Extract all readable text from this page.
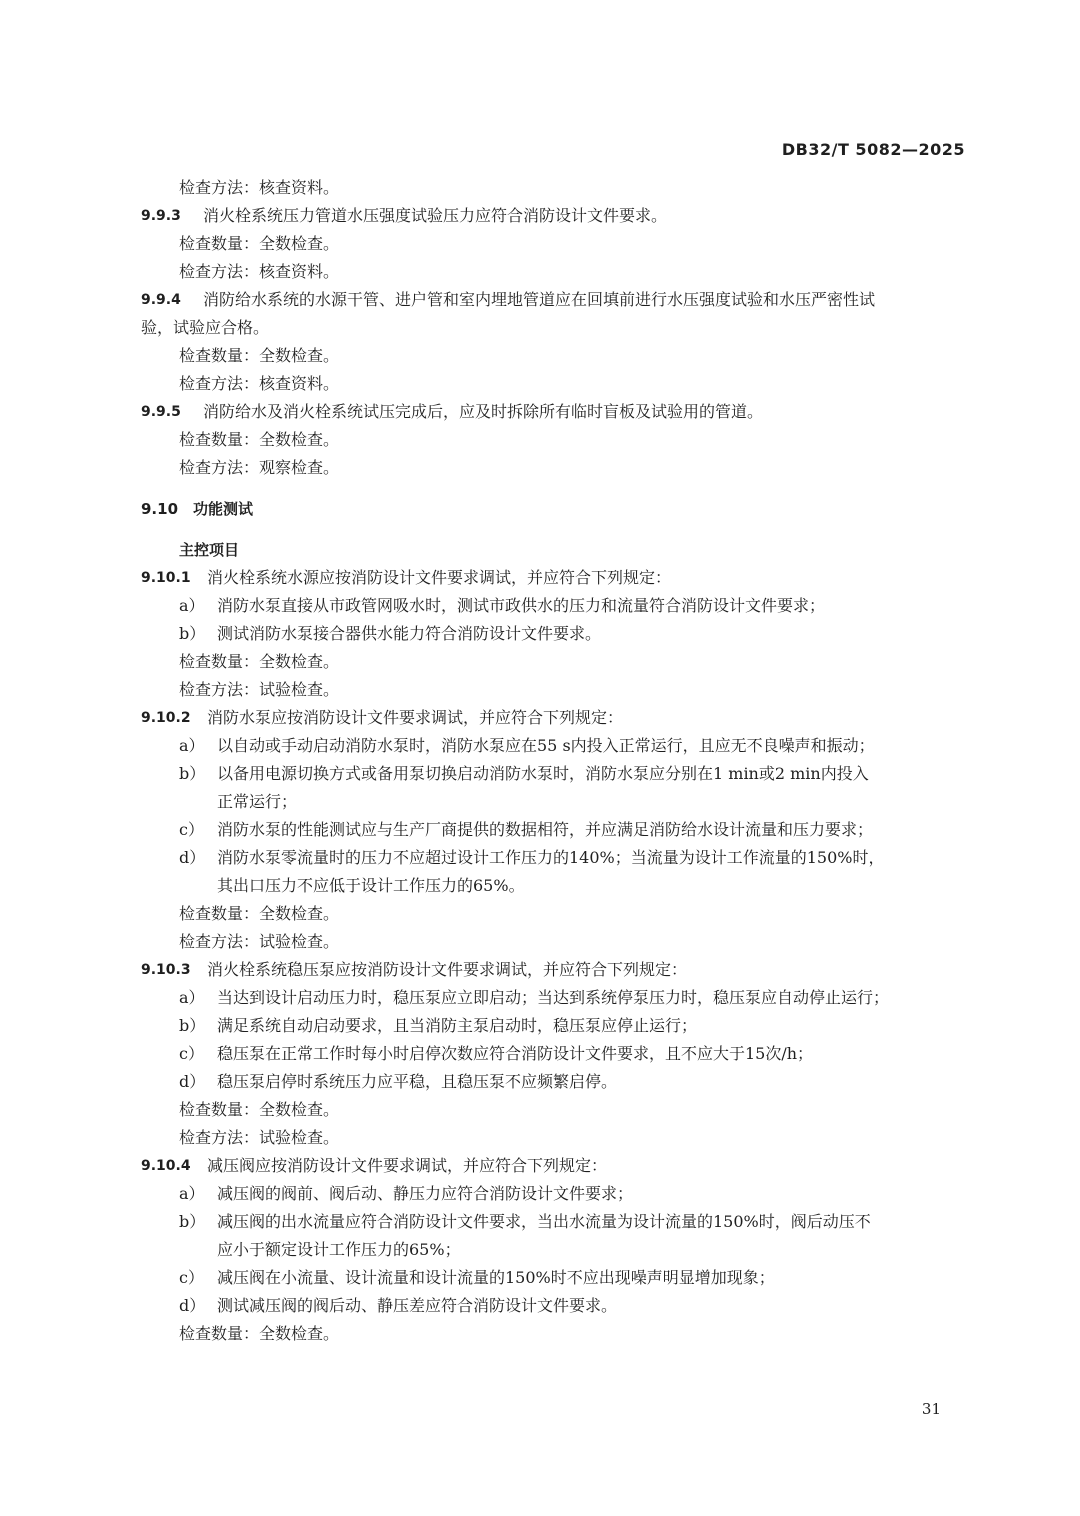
DB32/T 5082—2025
检查方法：核查资料。
9.9.3	消火栓系统压力管道水压强度试验压力应符合消防设计文件要求。
检查数量：全数检查。
检查方法：核查资料。
9.9.4	消防给水系统的水源干管、进户管和室内埋地管道应在回填前进行水压强度试验和水压严密性试
验，试验应合格。
检查数量：全数检查。
检查方法：核查资料。
9.9.5	消防给水及消火栓系统试压完成后，应及时拆除所有临时盲板及试验用的管道。
检查数量：全数检查。
检查方法：观察检查。
9.10 功能测试
主控项目
9.10.1	消火栓系统水源应按消防设计文件要求调试，并应符合下列规定：
a） 消防水泵直接从市政管网吸水时，测试市政供水的压力和流量符合消防设计文件要求；
b） 测试消防水泵接合器供水能力符合消防设计文件要求。
检查数量：全数检查。
检查方法：试验检查。
9.10.2	消防水泵应按消防设计文件要求调试，并应符合下列规定：
a） 以自动或手动启动消防水泵时，消防水泵应在55 s内投入正常运行，且应无不良噪声和振动；
b） 以备用电源切换方式或备用泵切换启动消防水泵时，消防水泵应分别在1 min或2 min内投入
正常运行；
c） 消防水泵的性能测试应与生产厂商提供的数据相符，并应满足消防给水设计流量和压力要求；
d） 消防水泵零流量时的压力不应超过设计工作压力的140%；当流量为设计工作流量的150%时，
其出口压力不应低于设计工作压力的65%。
检查数量：全数检查。
检查方法：试验检查。
9.10.3	消火栓系统稳压泵应按消防设计文件要求调试，并应符合下列规定：
a） 当达到设计启动压力时，稳压泵应立即启动；当达到系统停泵压力时，稳压泵应自动停止运行；
b） 满足系统自动启动要求，且当消防主泵启动时，稳压泵应停止运行；
c） 稳压泵在正常工作时每小时启停次数应符合消防设计文件要求，且不应大于15次/h；
d） 稳压泵启停时系统压力应平稳，且稳压泵不应频繁启停。
检查数量：全数检查。
检查方法：试验检查。
9.10.4	减压阀应按消防设计文件要求调试，并应符合下列规定：
a） 减压阀的阀前、阀后动、静压力应符合消防设计文件要求；
b） 减压阀的出水流量应符合消防设计文件要求，当出水流量为设计流量的150%时，阀后动压不
应小于额定设计工作压力的65%；
c） 减压阀在小流量、设计流量和设计流量的150%时不应出现噪声明显增加现象；
d） 测试减压阀的阀后动、静压差应符合消防设计文件要求。
检查数量：全数检查。
31
